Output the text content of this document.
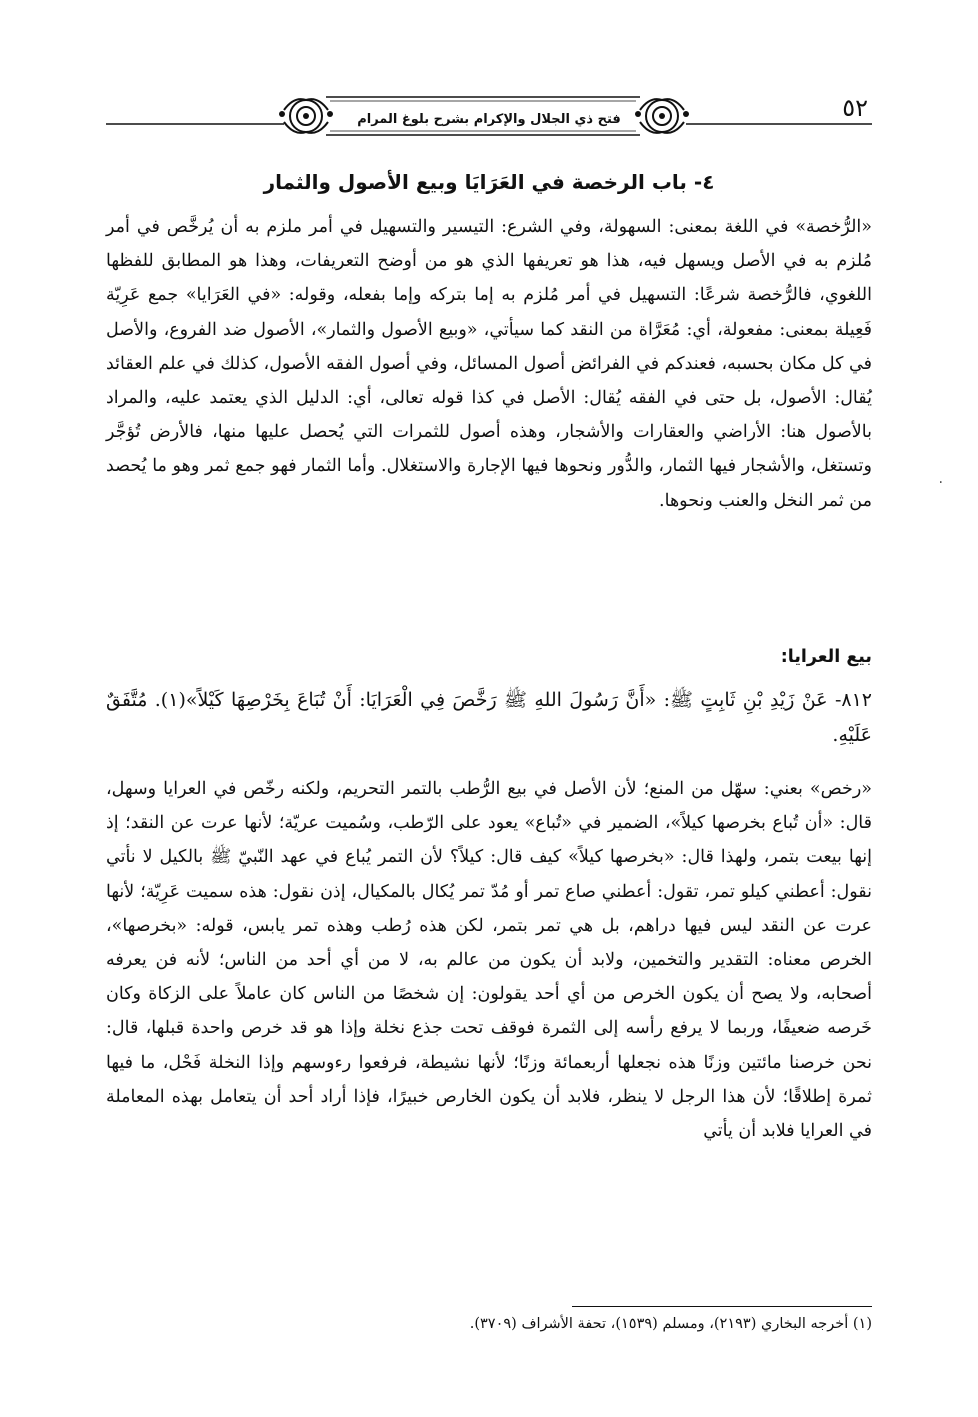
٥٢
فتح ذي الجلال والإكرام بشرح بلوغ المرام
٤- باب الرخصة في العَرَايَا وبيع الأصول والثمار

«الرُّخصة» في اللغة بمعنى: السهولة، وفي الشرع: التيسير والتسهيل في أمر ملزم به أن يُرخَّص في أمر مُلزم به في الأصل ويسهل فيه، هذا هو تعريفها الذي هو من أوضح التعريفات، وهذا هو المطابق للفظها اللغوي، فالرُّخصة شرعًا: التسهيل في أمر مُلزم به إما بتركه وإما بفعله، وقوله: «في العَرَايا» جمع عَرِيّة فَعِيلة بمعنى: مفعولة، أي: مُعَرَّاة من النقد كما سيأتي، «وبيع الأصول والثمار»، الأصول ضد الفروع، والأصل في كل مكان بحسبه، فعندكم في الفرائض أصول المسائل، وفي أصول الفقه الأصول، كذلك في علم العقائد يُقال: الأصول، بل حتى في الفقه يُقال: الأصل في كذا قوله تعالى، أي: الدليل الذي يعتمد عليه، والمراد بالأصول هنا: الأراضي والعقارات والأشجار، وهذه أصول للثمرات التي يُحصل عليها منها، فالأرض تُؤجَّر وتستغل، والأشجار فيها الثمار، والدُّور ونحوها فيها الإجارة والاستغلال. وأما الثمار فهو جمع ثمر وهو ما يُحصد من ثمر النخل والعنب ونحوها.

بيع العرايا:

٨١٢- عَنْ زَيْدِ بْنِ ثَابِتٍ ﷺ: «أَنَّ رَسُولَ اللهِ ﷺ رَخَّصَ فِي الْعَرَايَا: أَنْ تُبَاعَ بِخَرْصِهَا كَيْلاً»(١). مُتَّفَقٌ عَلَيْهِ.

«رخص» بعني: سهّل من المنع؛ لأن الأصل في بيع الرُّطب بالتمر التحريم، ولكنه رخّص في العرايا وسهل، قال: «أن تُباع بخرصها كيلاً»، الضمير في «تُباع» يعود على الرّطب، وسُميت عريّة؛ لأنها عرت عن النقد؛ إذ إنها بيعت بتمر، ولهذا قال: «بخرصها كيلاً» كيف قال: كيلاً؟ لأن التمر يُباع في عهد النّبيّ ﷺ بالكيل لا نأتي نقول: أعطني كيلو تمر، تقول: أعطني صاع تمر أو مُدّ تمر يُكال بالمكيال، إذن نقول: هذه سميت عَرِيّة؛ لأنها عرت عن النقد ليس فيها دراهم، بل هي تمر بتمر، لكن هذه رُطب وهذه تمر يابس، قوله: «بخرصها»، الخرص معناه: التقدير والتخمين، ولابد أن يكون من عالم به، لا من أي أحد من الناس؛ لأنه فن يعرفه أصحابه، ولا يصح أن يكون الخرص من أي أحد يقولون: إن شخصًا من الناس كان عاملاً على الزكاة وكان خَرصه ضعيفًا، وربما لا يرفع رأسه إلى الثمرة فوقف تحت جذع نخلة وإذا هو قد خرص واحدة قبلها، قال: نحن خرصنا مائتين وزنًا هذه نجعلها أربعمائة وزنًا؛ لأنها نشيطة، فرفعوا رءوسهم وإذا النخلة فَحْل، ما فيها ثمرة إطلاقًا؛ لأن هذا الرجل لا ينظر، فلابد أن يكون الخارص خبيرًا، فإذا أراد أحد أن يتعامل بهذه المعاملة في العرايا فلابد أن يأتي

٠
(١) أخرجه البخاري (٢١٩٣)، ومسلم (١٥٣٩)، تحفة الأشراف (٣٧٠٩).
